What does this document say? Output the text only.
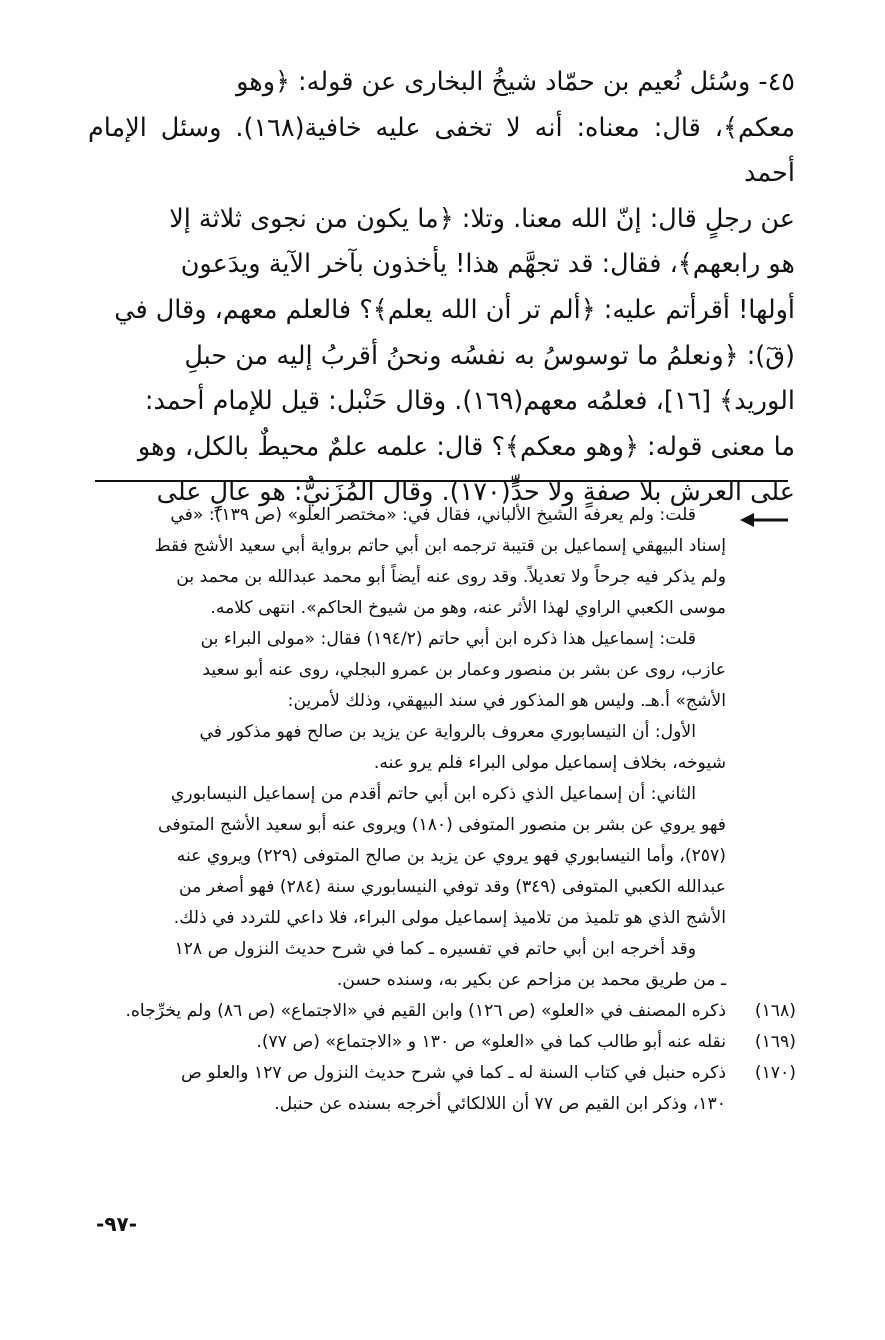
٤٥- وسُئل نُعيم بن حمّاد شيخُ البخارى عن قوله: ﴿وهو

معكم﴾، قال: معناه: أنه لا تخفى عليه خافية(١٦٨). وسئل الإمام أحمد

عن رجلٍ قال: إنّ الله معنا. وتلا: ﴿ما يكون من نجوى ثلاثة إلا

هو رابعهم﴾، فقال: قد تجهَّم هذا! يأخذون بآخر الآية ويدَعون

أولها! أقرأتم عليه: ﴿ألم تر أن الله يعلم﴾؟ فالعلم معهم، وقال في

(قٓ): ﴿ونعلمُ ما توسوسُ به نفسُه ونحنُ أقربُ إليه من حبلِ

الوريد﴾ [١٦]، فعلمُه معهم(١٦٩). وقال حَنْبل: قيل للإمام أحمد:

ما معنى قوله: ﴿وهو معكم﴾؟ قال: علمه علمٌ محيطٌ بالكل، وهو

على العرش بلا صفةٍ ولا حدٍّ(١٧٠). وقال المُزَنيُّ: هو عالٍ على

قلت: ولم يعرفه الشيخ الألباني، فقال في: «مختصر العلو» (ص ١٣٩): «في

إسناد البيهقي إسماعيل بن قتيبة ترجمه ابن أبي حاتم برواية أبي سعيد الأشج فقط

ولم يذكر فيه جرحاً ولا تعديلاً. وقد روى عنه أيضاً أبو محمد عبدالله بن محمد بن

موسى الكعبي الراوي لهذا الأثر عنه، وهو من شيوخ الحاكم». انتهى كلامه.

قلت: إسماعيل هذا ذكره ابن أبي حاتم (١٩٤/٢) فقال: «مولى البراء بن

عازب، روى عن بشر بن منصور وعمار بن عمرو البجلي، روى عنه أبو سعيد

الأشج» أ.هـ. وليس هو المذكور في سند البيهقي، وذلك لأمرين:

الأول: أن النيسابوري معروف بالرواية عن يزيد بن صالح فهو مذكور في

شيوخه، بخلاف إسماعيل مولى البراء فلم يرو عنه.

الثاني: أن إسماعيل الذي ذكره ابن أبي حاتم أقدم من إسماعيل النيسابوري

فهو يروي عن بشر بن منصور المتوفى (١٨٠) ويروى عنه أبو سعيد الأشج المتوفى

(٢٥٧)، وأما النيسابوري فهو يروي عن يزيد بن صالح المتوفى (٢٢٩) ويروي عنه

عبدالله الكعبي المتوفى (٣٤٩) وقد توفي النيسابوري سنة (٢٨٤) فهو أصغر من

الأشج الذي هو تلميذ من تلاميذ إسماعيل مولى البراء، فلا داعي للتردد في ذلك.

وقد أخرجه ابن أبي حاتم في تفسيره ـ كما في شرح حديث النزول ص ١٢٨

ـ من طريق محمد بن مزاحم عن بكير به، وسنده حسن.

(١٦٨)
ذكره المصنف في «العلو» (ص ١٢٦) وابن القيم في «الاجتماع» (ص ٨٦) ولم يخرِّجاه.
(١٦٩)
نقله عنه أبو طالب كما في «العلو» ص ١٣٠ و «الاجتماع» (ص ٧٧).
(١٧٠)
ذكره حنبل في كتاب السنة له ـ كما في شرح حديث النزول ص ١٢٧ والعلو ص

١٣٠، وذكر ابن القيم ص ٧٧ أن اللالكائي أخرجه بسنده عن حنبل.

-٩٧-
